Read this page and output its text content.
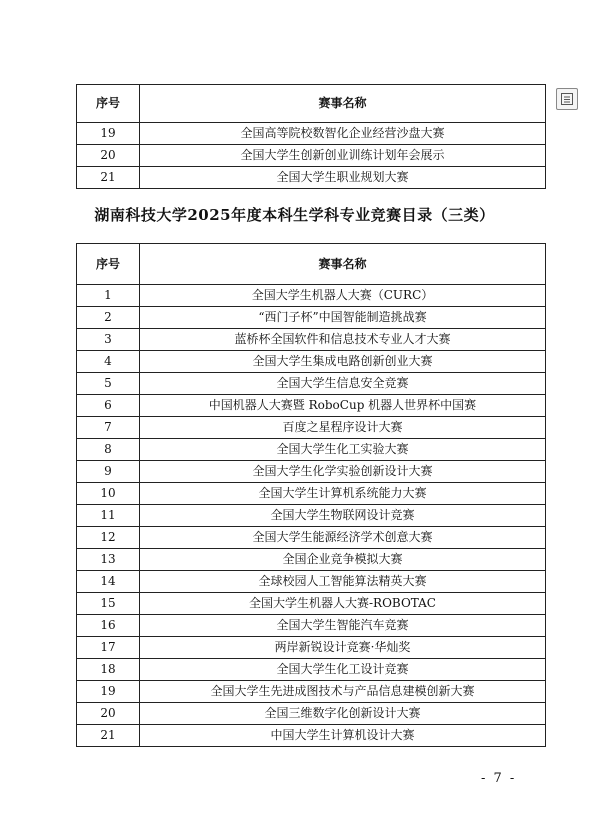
序号	赛事名称
19	全国高等院校数智化企业经营沙盘大赛
20	全国大学生创新创业训练计划年会展示
21	全国大学生职业规划大赛
湖南科技大学2025年度本科生学科专业竞赛目录（三类）
序号	赛事名称
1	全国大学生机器人大赛（CURC）
2	“西门子杯”中国智能制造挑战赛
3	蓝桥杯全国软件和信息技术专业人才大赛
4	全国大学生集成电路创新创业大赛
5	全国大学生信息安全竞赛
6	中国机器人大赛暨 RoboCup 机器人世界杯中国赛
7	百度之星程序设计大赛
8	全国大学生化工实验大赛
9	全国大学生化学实验创新设计大赛
10	全国大学生计算机系统能力大赛
11	全国大学生物联网设计竞赛
12	全国大学生能源经济学术创意大赛
13	全国企业竞争模拟大赛
14	全球校园人工智能算法精英大赛
15	全国大学生机器人大赛-ROBOTAC
16	全国大学生智能汽车竞赛
17	两岸新锐设计竞赛·华灿奖
18	全国大学生化工设计竞赛
19	全国大学生先进成图技术与产品信息建模创新大赛
20	全国三维数字化创新设计大赛
21	中国大学生计算机设计大赛
- 7 -
